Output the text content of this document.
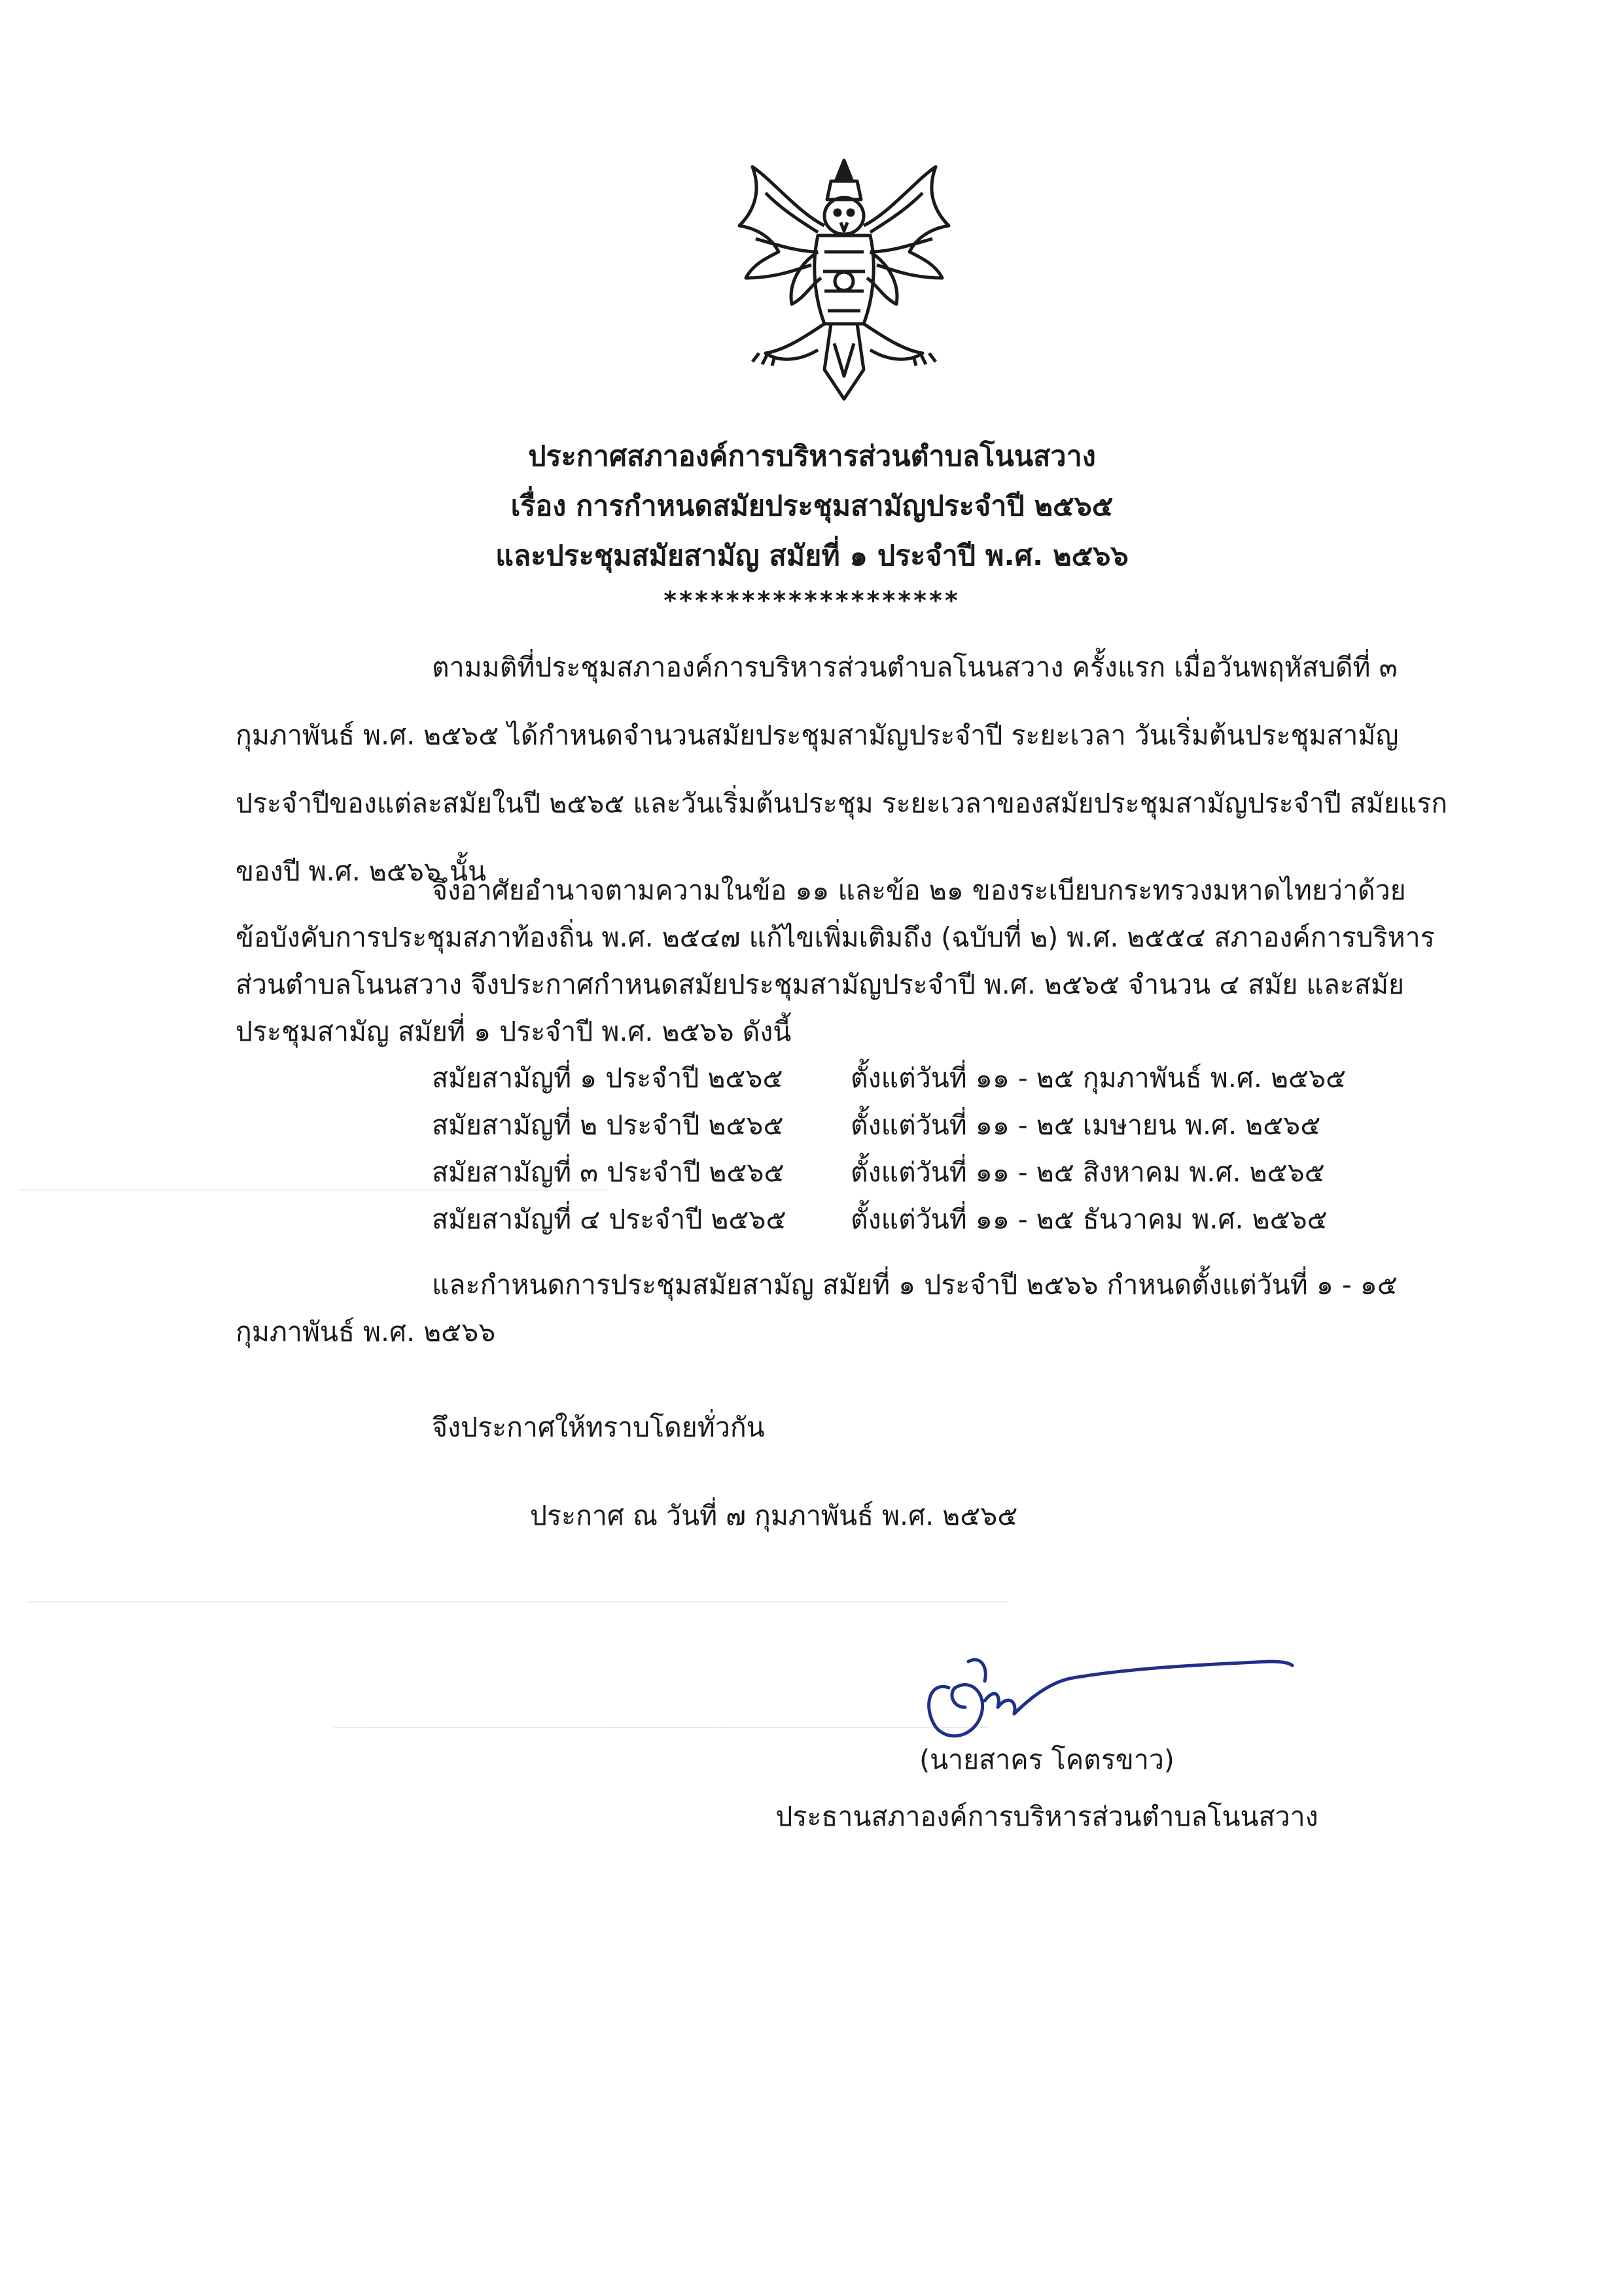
ประกาศสภาองค์การบริหารส่วนตำบลโนนสวาง
เรื่อง การกำหนดสมัยประชุมสามัญประจำปี ๒๕๖๕
และประชุมสมัยสามัญ สมัยที่ ๑ ประจำปี พ.ศ. ๒๕๖๖
*******************
ตามมติที่ประชุมสภาองค์การบริหารส่วนตำบลโนนสวาง ครั้งแรก เมื่อวันพฤหัสบดีที่ ๓
กุมภาพันธ์ พ.ศ. ๒๕๖๕ ได้กำหนดจำนวนสมัยประชุมสามัญประจำปี ระยะเวลา วันเริ่มต้นประชุมสามัญ
ประจำปีของแต่ละสมัยในปี ๒๕๖๕ และวันเริ่มต้นประชุม ระยะเวลาของสมัยประชุมสามัญประจำปี สมัยแรก
ของปี พ.ศ. ๒๕๖๖ นั้น
จึงอาศัยอำนาจตามความในข้อ ๑๑ และข้อ ๒๑ ของระเบียบกระทรวงมหาดไทยว่าด้วย
ข้อบังคับการประชุมสภาท้องถิ่น พ.ศ. ๒๕๔๗ แก้ไขเพิ่มเติมถึง (ฉบับที่ ๒) พ.ศ. ๒๕๕๔ สภาองค์การบริหาร
ส่วนตำบลโนนสวาง จึงประกาศกำหนดสมัยประชุมสามัญประจำปี พ.ศ. ๒๕๖๕ จำนวน ๔ สมัย และสมัย
ประชุมสามัญ สมัยที่ ๑ ประจำปี พ.ศ. ๒๕๖๖ ดังนี้
สมัยสามัญที่ ๑ ประจำปี ๒๕๖๕	ตั้งแต่วันที่ ๑๑ - ๒๕ กุมภาพันธ์ พ.ศ. ๒๕๖๕
สมัยสามัญที่ ๒ ประจำปี ๒๕๖๕	ตั้งแต่วันที่ ๑๑ - ๒๕ เมษายน พ.ศ. ๒๕๖๕
สมัยสามัญที่ ๓ ประจำปี ๒๕๖๕	ตั้งแต่วันที่ ๑๑ - ๒๕ สิงหาคม พ.ศ. ๒๕๖๕
สมัยสามัญที่ ๔ ประจำปี ๒๕๖๕	ตั้งแต่วันที่ ๑๑ - ๒๕ ธันวาคม พ.ศ. ๒๕๖๕
และกำหนดการประชุมสมัยสามัญ สมัยที่ ๑ ประจำปี ๒๕๖๖ กำหนดตั้งแต่วันที่ ๑ - ๑๕
กุมภาพันธ์ พ.ศ. ๒๕๖๖
จึงประกาศให้ทราบโดยทั่วกัน
ประกาศ ณ วันที่ ๗ กุมภาพันธ์ พ.ศ. ๒๕๖๕
(นายสาคร โคตรขาว)
ประธานสภาองค์การบริหารส่วนตำบลโนนสวาง
